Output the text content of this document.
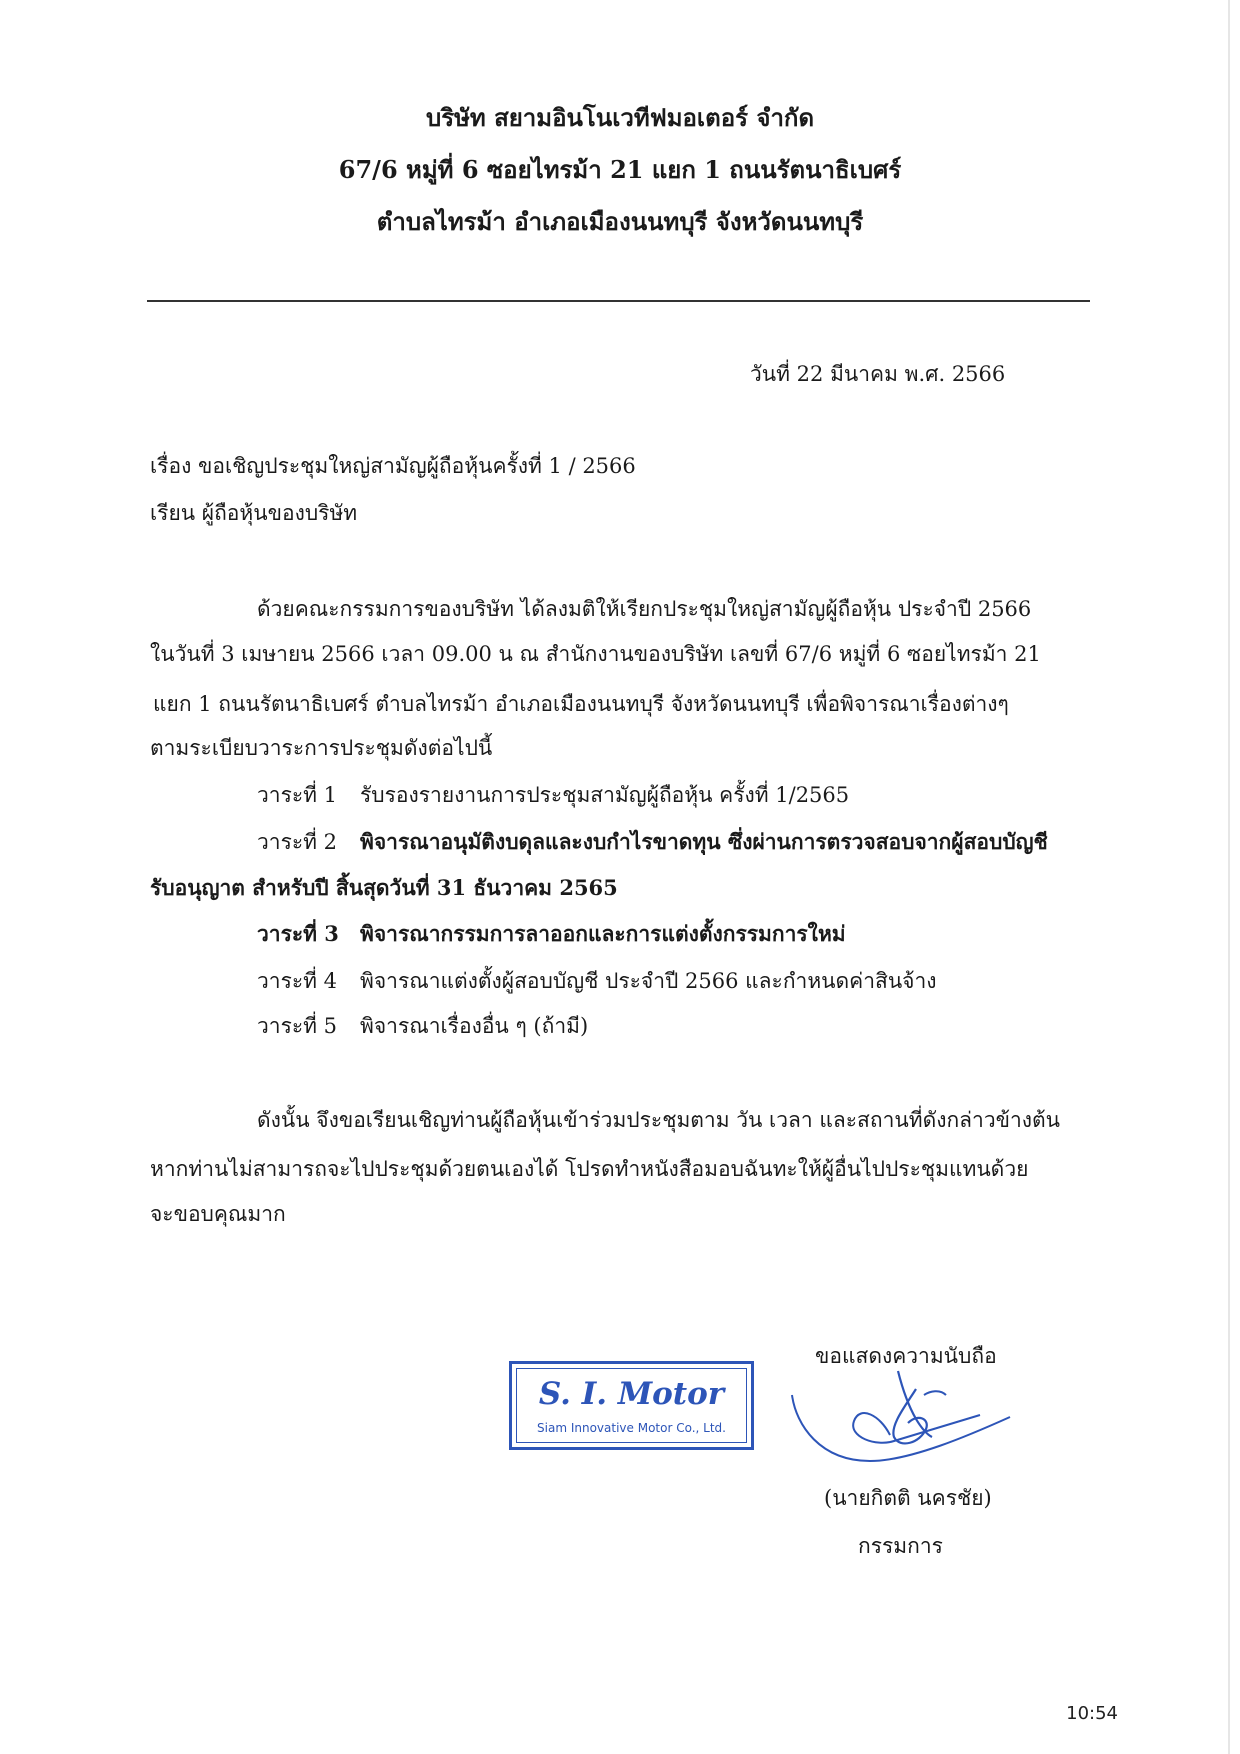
บริษัท สยามอินโนเวทีฟมอเตอร์ จำกัด
67/6 หมู่ที่ 6 ซอยไทรม้า 21 แยก 1 ถนนรัตนาธิเบศร์
ตำบลไทรม้า อำเภอเมืองนนทบุรี จังหวัดนนทบุรี
วันที่ 22 มีนาคม พ.ศ. 2566
เรื่อง ขอเชิญประชุมใหญ่สามัญผู้ถือหุ้นครั้งที่ 1 / 2566
เรียน ผู้ถือหุ้นของบริษัท
ด้วยคณะกรรมการของบริษัท ได้ลงมติให้เรียกประชุมใหญ่สามัญผู้ถือหุ้น ประจำปี 2566
ในวันที่ 3 เมษายน 2566 เวลา 09.00 น ณ สำนักงานของบริษัท เลขที่ 67/6 หมู่ที่ 6 ซอยไทรม้า 21
แยก 1 ถนนรัตนาธิเบศร์ ตำบลไทรม้า อำเภอเมืองนนทบุรี จังหวัดนนทบุรี เพื่อพิจารณาเรื่องต่างๆ
ตามระเบียบวาระการประชุมดังต่อไปนี้
วาระที่ 1 รับรองรายงานการประชุมสามัญผู้ถือหุ้น ครั้งที่ 1/2565
วาระที่ 2 พิจารณาอนุมัติงบดุลและงบกำไรขาดทุน ซึ่งผ่านการตรวจสอบจากผู้สอบบัญชี
รับอนุญาต สำหรับปี สิ้นสุดวันที่ 31 ธันวาคม 2565
วาระที่ 3 พิจารณากรรมการลาออกและการแต่งตั้งกรรมการใหม่
วาระที่ 4 พิจารณาแต่งตั้งผู้สอบบัญชี ประจำปี 2566 และกำหนดค่าสินจ้าง
วาระที่ 5 พิจารณาเรื่องอื่น ๆ (ถ้ามี)
ดังนั้น จึงขอเรียนเชิญท่านผู้ถือหุ้นเข้าร่วมประชุมตาม วัน เวลา และสถานที่ดังกล่าวข้างต้น
หากท่านไม่สามารถจะไปประชุมด้วยตนเองได้ โปรดทำหนังสือมอบฉันทะให้ผู้อื่นไปประชุมแทนด้วย
จะขอบคุณมาก
S. I. Motor
Siam Innovative Motor Co., Ltd.
ขอแสดงความนับถือ
(นายกิตติ นครชัย)
กรรมการ
10:54
